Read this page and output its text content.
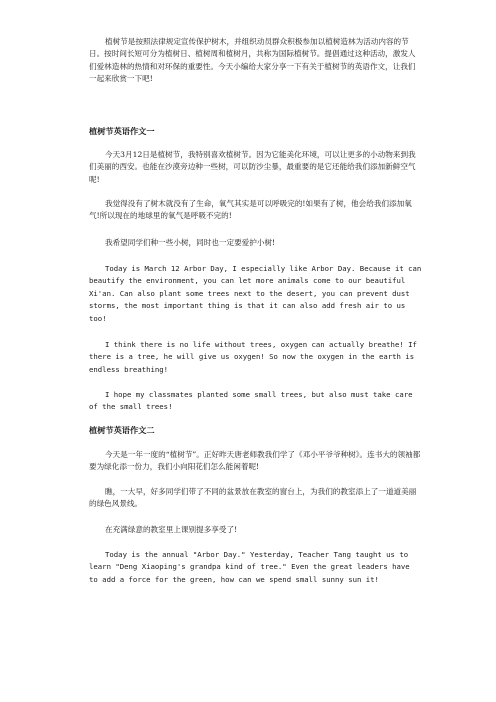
植树节是按照法律规定宣传保护树木，并组织动员群众积极参加以植树造林为活动内容的节日。按时间长短可分为植树日、植树周和植树月，共称为国际植树节。提倡通过这种活动，激发人们爱林造林的热情和对环保的重要性。今天小编给大家分享一下有关于植树节的英语作文，让我们一起来欣赏一下吧!

植树节英语作文一

今天3月12日是植树节，我特别喜欢植树节。因为它能美化环境，可以让更多的小动物来到我们美丽的西安。也能在沙漠旁边种一些树，可以防沙尘暴，最重要的是它还能给我们添加新鲜空气呢!

我觉得没有了树木就没有了生命，氧气其实是可以呼吸完的!如果有了树，他会给我们添加氧气!所以现在的地球里的氧气是呼吸不完的!

我希望同学们种一些小树，同时也一定要爱护小树!

Today is March 12 Arbor Day, I especially like Arbor Day. Because it can beautify the environment, you can let more animals come to our beautiful Xi'an. Can also plant some trees next to the desert, you can prevent dust storms, the most important thing is that it can also add fresh air to us too!

I think there is no life without trees, oxygen can actually breathe! If there is a tree, he will give us oxygen! So now the oxygen in the earth is endless breathing!

I hope my classmates planted some small trees, but also must take care of the small trees!

植树节英语作文二

今天是一年一度的“植树节”。正好昨天唐老师教我们学了《邓小平爷爷种树》。连书大的领袖都要为绿化添一份力，我们小向阳花们怎么能闲着呢!

瞧，一大早，好多同学们带了不同的盆景放在教室的窗台上，为我们的教室添上了一道道美丽的绿色风景线。

在充满绿意的教室里上课别提多享受了!

Today is the annual "Arbor Day." Yesterday, Teacher Tang taught us to learn "Deng Xiaoping's grandpa kind of tree." Even the great leaders have to add a force for the green, how can we spend small sunny sun it!
